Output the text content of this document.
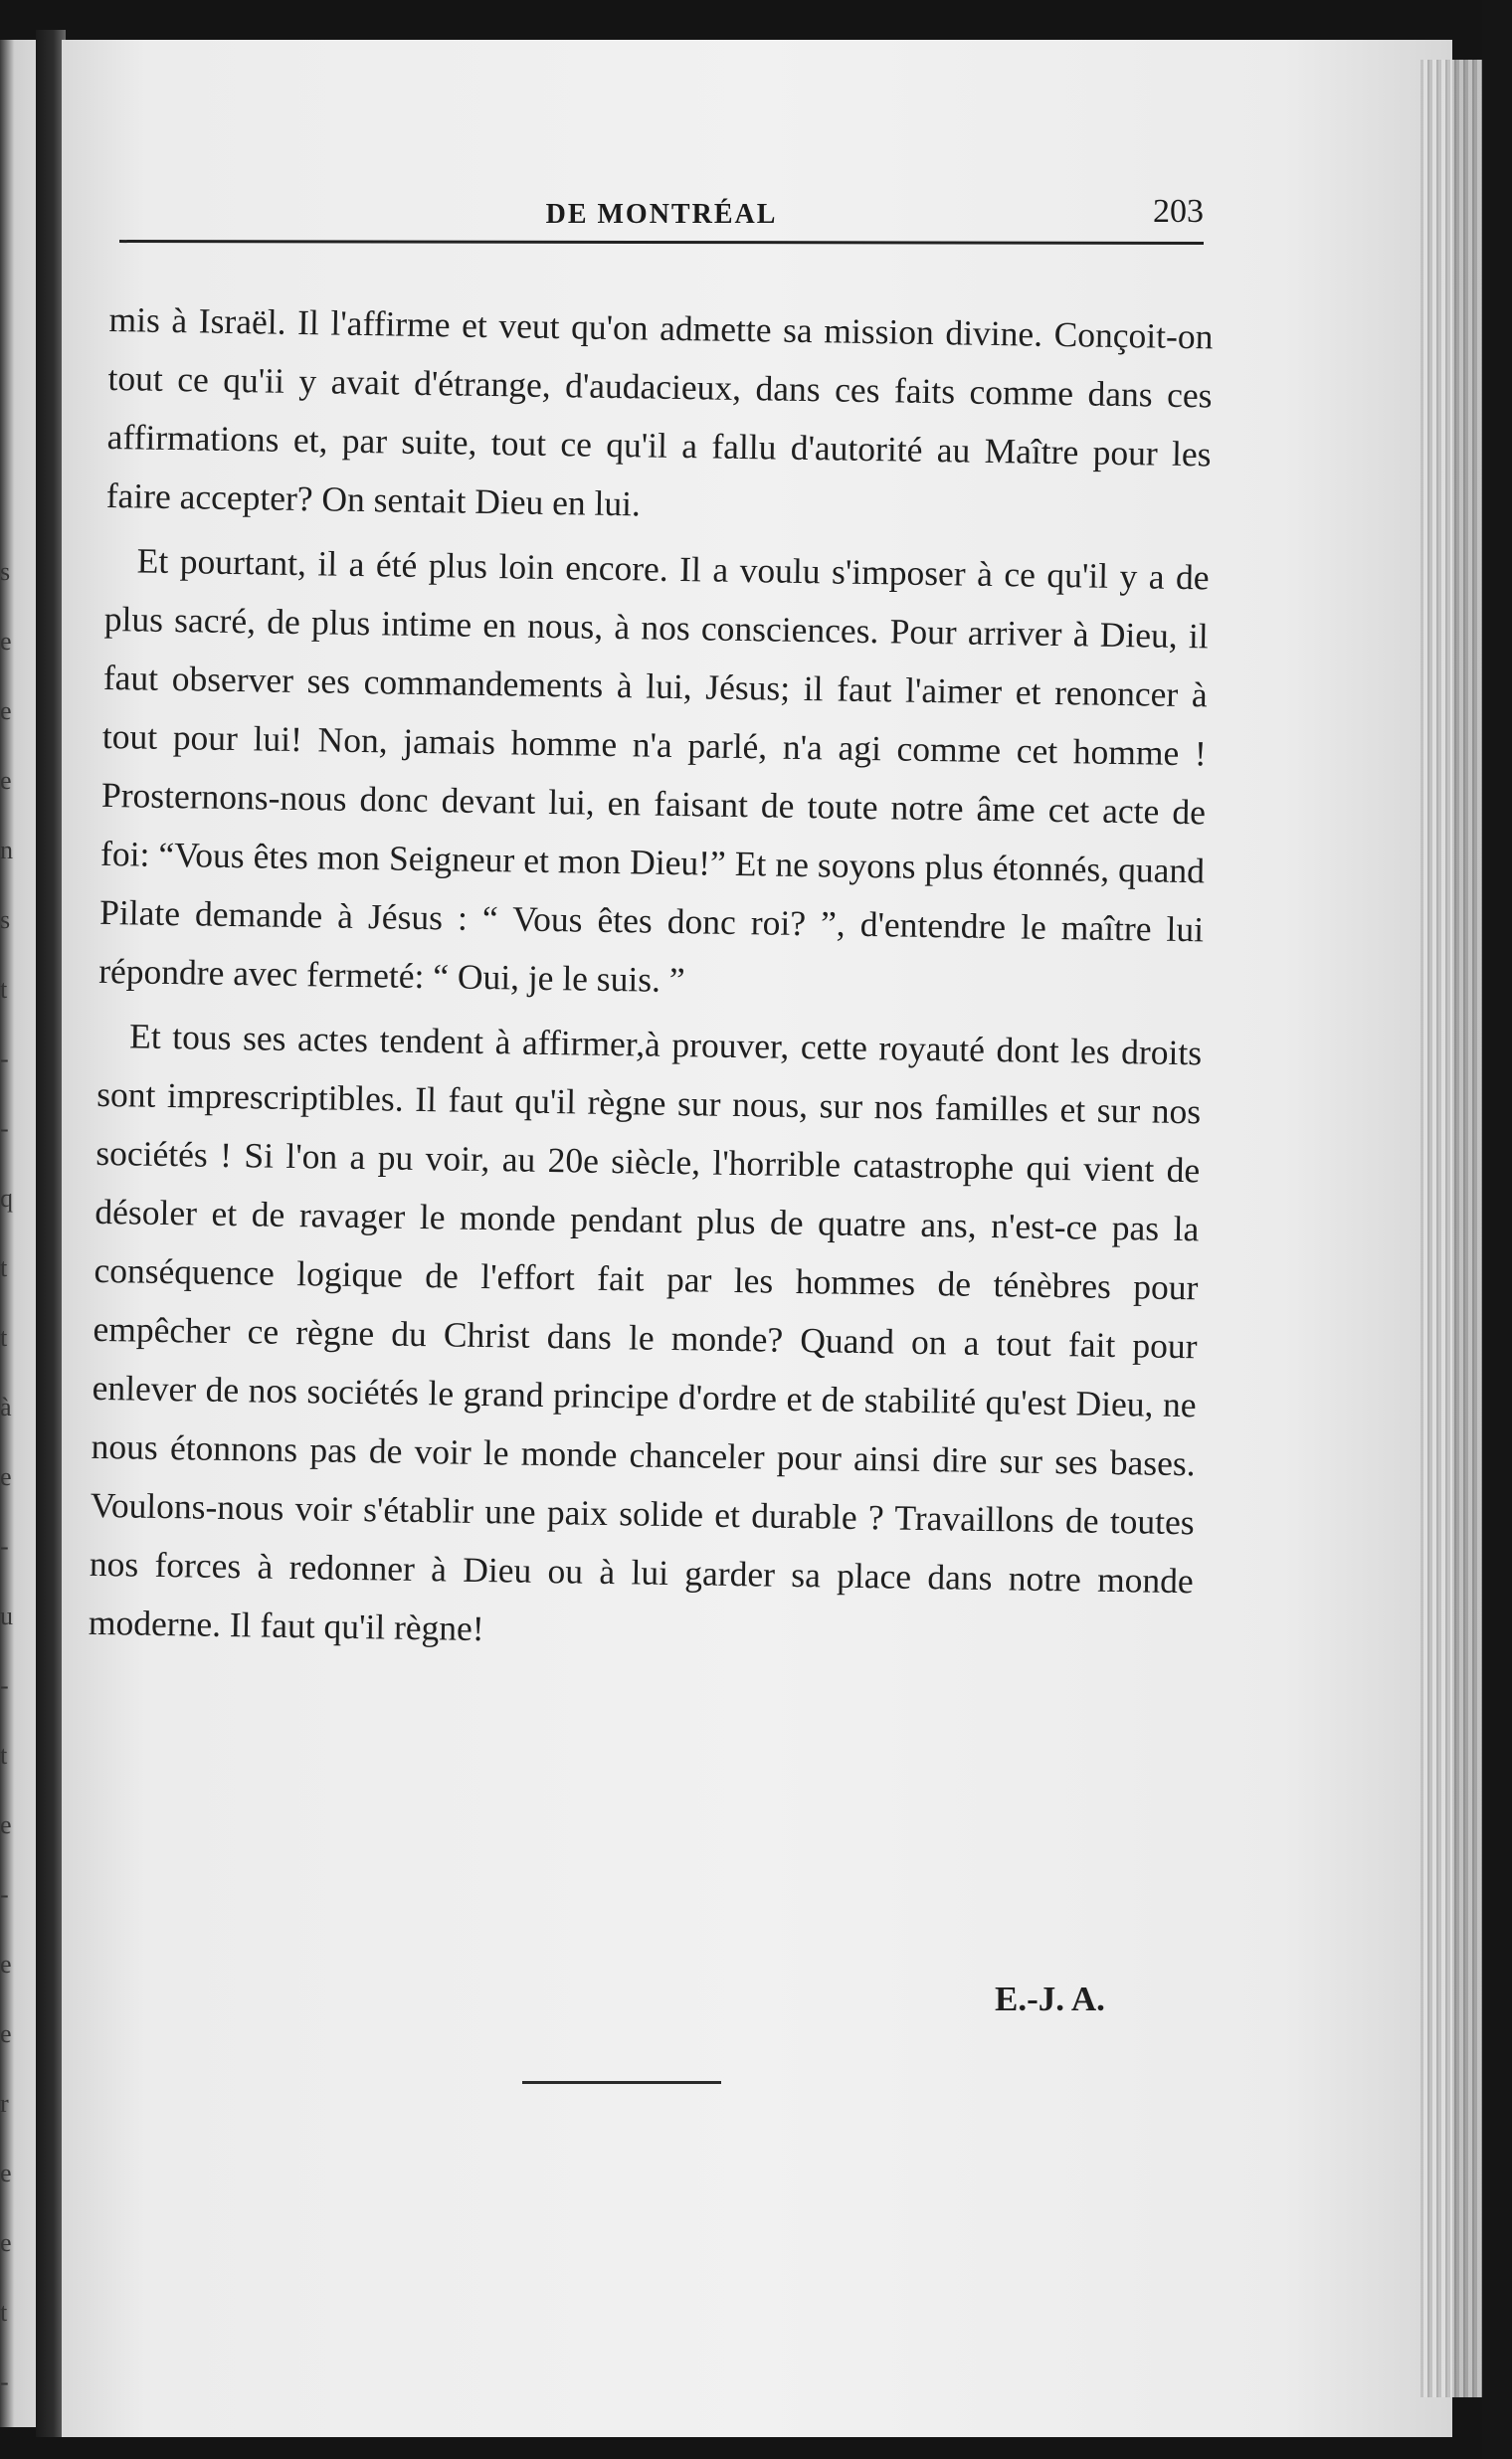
s
e
e
e
n
s
t
-
-
q
t
t
à
e
-
u
-
t
e
-
e
e
r
e
e
t
-
DE MONTRÉAL	203

mis à Israël. Il l'affirme et veut qu'on admette sa mission divine. Conçoit-on tout ce qu'ii y avait d'étrange, d'audacieux, dans ces faits comme dans ces affirmations et, par suite, tout ce qu'il a fallu d'autorité au Maître pour les faire accepter? On sentait Dieu en lui.

Et pourtant, il a été plus loin encore. Il a voulu s'imposer à ce qu'il y a de plus sacré, de plus intime en nous, à nos consciences. Pour arriver à Dieu, il faut observer ses commandements à lui, Jésus; il faut l'aimer et renoncer à tout pour lui! Non, jamais homme n'a parlé, n'a agi comme cet homme ! Prosternons-nous donc devant lui, en faisant de toute notre âme cet acte de foi: “Vous êtes mon Seigneur et mon Dieu!” Et ne soyons plus étonnés, quand Pilate demande à Jésus : “ Vous êtes donc roi? ”, d'entendre le maître lui répondre avec fermeté: “ Oui, je le suis. ”

Et tous ses actes tendent à affirmer,à prouver, cette royauté dont les droits sont imprescriptibles. Il faut qu'il règne sur nous, sur nos familles et sur nos sociétés ! Si l'on a pu voir, au 20e siècle, l'horrible catastrophe qui vient de désoler et de ravager le monde pendant plus de quatre ans, n'est-ce pas la conséquence logique de l'effort fait par les hommes de ténèbres pour empêcher ce règne du Christ dans le monde? Quand on a tout fait pour enlever de nos sociétés le grand principe d'ordre et de stabilité qu'est Dieu, ne nous étonnons pas de voir le monde chanceler pour ainsi dire sur ses bases. Voulons-nous voir s'établir une paix solide et durable ? Travaillons de toutes nos forces à redonner à Dieu ou à lui garder sa place dans notre monde moderne. Il faut qu'il règne!

E.-J. A.
